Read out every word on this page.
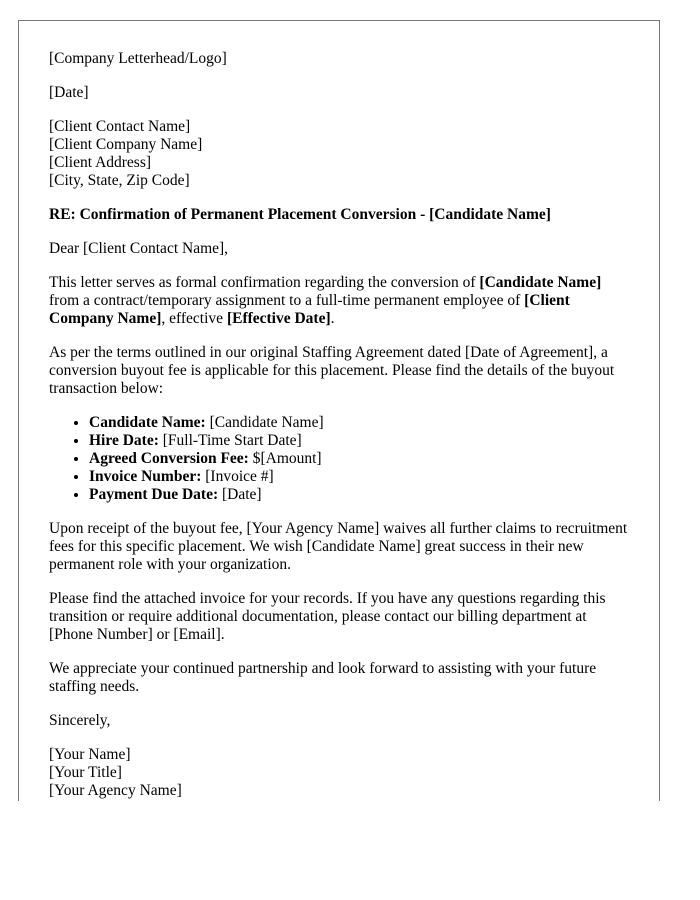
[Company Letterhead/Logo]
[Date]
[Client Contact Name]
[Client Company Name]
[Client Address]
[City, State, Zip Code]
RE: Confirmation of Permanent Placement Conversion - [Candidate Name]
Dear [Client Contact Name],
This letter serves as formal confirmation regarding the conversion of [Candidate Name] from a contract/temporary assignment to a full-time permanent employee of [Client Company Name], effective [Effective Date].
As per the terms outlined in our original Staffing Agreement dated [Date of Agreement], a conversion buyout fee is applicable for this placement. Please find the details of the buyout transaction below:
• Candidate Name: [Candidate Name]
• Hire Date: [Full-Time Start Date]
• Agreed Conversion Fee: $[Amount]
• Invoice Number: [Invoice #]
• Payment Due Date: [Date]
Upon receipt of the buyout fee, [Your Agency Name] waives all further claims to recruitment fees for this specific placement. We wish [Candidate Name] great success in their new permanent role with your organization.
Please find the attached invoice for your records. If you have any questions regarding this transition or require additional documentation, please contact our billing department at [Phone Number] or [Email].
We appreciate your continued partnership and look forward to assisting with your future staffing needs.
Sincerely,
[Your Name]
[Your Title]
[Your Agency Name]
